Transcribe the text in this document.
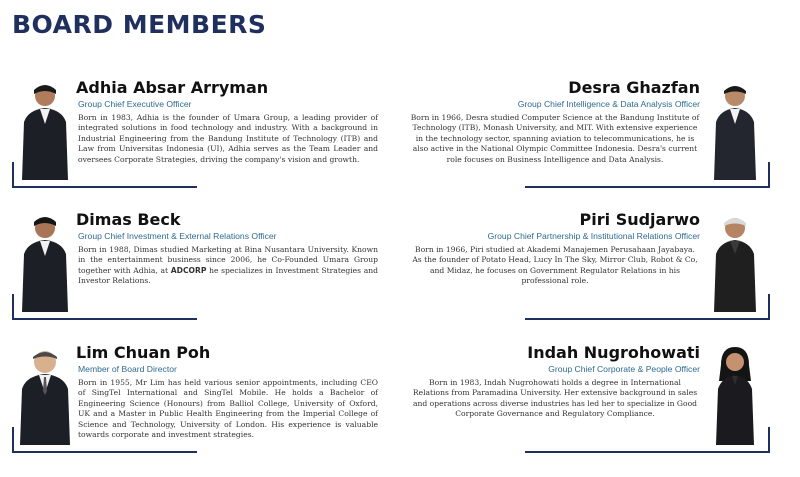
BOARD MEMBERS
Adhia Absar Arryman
Group Chief Executive Officer

Born in 1983, Adhia is the founder of Umara Group, a leading provider of integrated solutions in food technology and industry. With a background in Industrial Engineering from the Bandung Institute of Technology (ITB) and Law from Universitas Indonesia (UI), Adhia serves as the Team Leader and oversees Corporate Strategies, driving the company's vision and growth.

Desra Ghazfan
Group Chief Intelligence & Data Analysis Officer

Born in 1966, Desra studied Computer Science at the Bandung Institute of Technology (ITB), Monash University, and MIT. With extensive experience in the technology sector, spanning aviation to telecommunications, he is also active in the National Olympic Committee Indonesia. Desra's current role focuses on Business Intelligence and Data Analysis.

Dimas Beck
Group Chief Investment & External Relations Officer

Born in 1988, Dimas studied Marketing at Bina Nusantara University. Known in the entertainment business since 2006, he Co-Founded Umara Group together with Adhia, at ADCORP he specializes in Investment Strategies and Investor Relations.

Piri Sudjarwo
Group Chief Partnership & Institutional Relations Officer

Born in 1966, Piri studied at Akademi Manajemen Perusahaan Jayabaya. As the founder of Potato Head, Lucy In The Sky, Mirror Club, Robot & Co, and Midaz, he focuses on Government Regulator Relations in his professional role.

Lim Chuan Poh
Member of Board Director

Born in 1955, Mr Lim has held various senior appointments, including CEO of SingTel International and SingTel Mobile. He holds a Bachelor of Engineering Science (Honours) from Balliol College, University of Oxford, UK and a Master in Public Health Engineering from the Imperial College of Science and Technology, University of London. His experience is valuable towards corporate and investment strategies.

Indah Nugrohowati
Group Chief Corporate & People Officer

Born in 1983, Indah Nugrohowati holds a degree in International Relations from Paramadina University. Her extensive background in sales and operations across diverse industries has led her to specialize in Good Corporate Governance and Regulatory Compliance.
